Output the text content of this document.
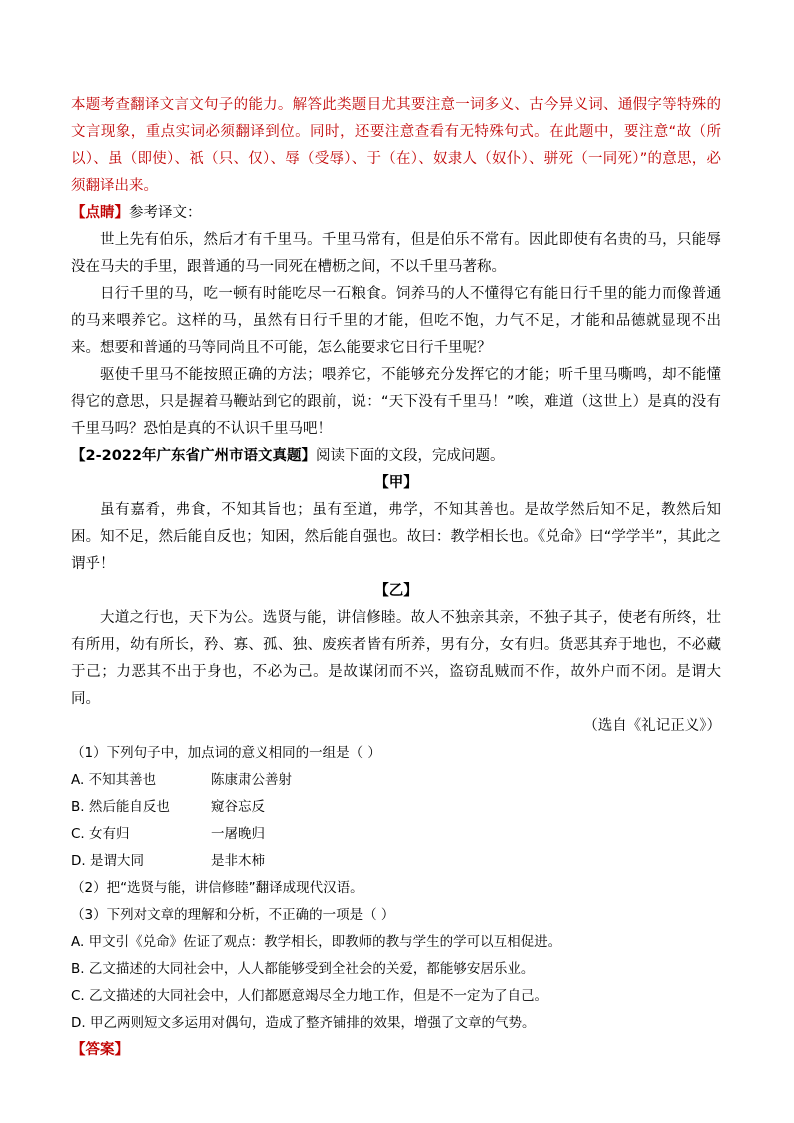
本题考查翻译文言文句子的能力。解答此类题目尤其要注意一词多义、古今异义词、通假字等特殊的文言现象，重点实词必须翻译到位。同时，还要注意查看有无特殊句式。在此题中，要注意“故（所以）、虽（即使）、祇（只、仅）、辱（受辱）、于（在）、奴隶人（奴仆）、骈死（一同死）”的意思，必须翻译出来。

【点睛】参考译文：

世上先有伯乐，然后才有千里马。千里马常有，但是伯乐不常有。因此即使有名贵的马，只能辱没在马夫的手里，跟普通的马一同死在槽枥之间，不以千里马著称。

日行千里的马，吃一顿有时能吃尽一石粮食。饲养马的人不懂得它有能日行千里的能力而像普通的马来喂养它。这样的马，虽然有日行千里的才能，但吃不饱，力气不足，才能和品德就显现不出来。想要和普通的马等同尚且不可能，怎么能要求它日行千里呢？

驱使千里马不能按照正确的方法；喂养它，不能够充分发挥它的才能；听千里马嘶鸣，却不能懂得它的意思，只是握着马鞭站到它的跟前，说：“天下没有千里马！”唉，难道（这世上）是真的没有千里马吗？恐怕是真的不认识千里马吧！

【2-2022年广东省广州市语文真题】阅读下面的文段，完成问题。

【甲】

虽有嘉肴，弗食，不知其旨也；虽有至道，弗学，不知其善也。是故学然后知不足，教然后知困。知不足，然后能自反也；知困，然后能自强也。故曰：教学相长也。《兑命》曰“学学半”，其此之谓乎！

【乙】

大道之行也，天下为公。选贤与能，讲信修睦。故人不独亲其亲，不独子其子，使老有所终，壮有所用，幼有所长，矜、寡、孤、独、废疾者皆有所养，男有分，女有归。货恶其弃于地也，不必藏于己；力恶其不出于身也，不必为己。是故谋闭而不兴，盗窃乱贼而不作，故外户而不闭。是谓大同。

（选自《礼记正义》）

（1）下列句子中，加点词的意义相同的一组是（ ）

A. 不知其善也	陈康肃公善射
B. 然后能自反也	窥谷忘反
C. 女有归	一屠晚归
D. 是谓大同	是非木柿

（2）把“选贤与能，讲信修睦”翻译成现代汉语。

（3）下列对文章的理解和分析，不正确的一项是（ ）

A. 甲文引《兑命》佐证了观点：教学相长，即教师的教与学生的学可以互相促进。

B. 乙文描述的大同社会中，人人都能够受到全社会的关爱，都能够安居乐业。

C. 乙文描述的大同社会中，人们都愿意竭尽全力地工作，但是不一定为了自己。

D. 甲乙两则短文多运用对偶句，造成了整齐铺排的效果，增强了文章的气势。

【答案】
